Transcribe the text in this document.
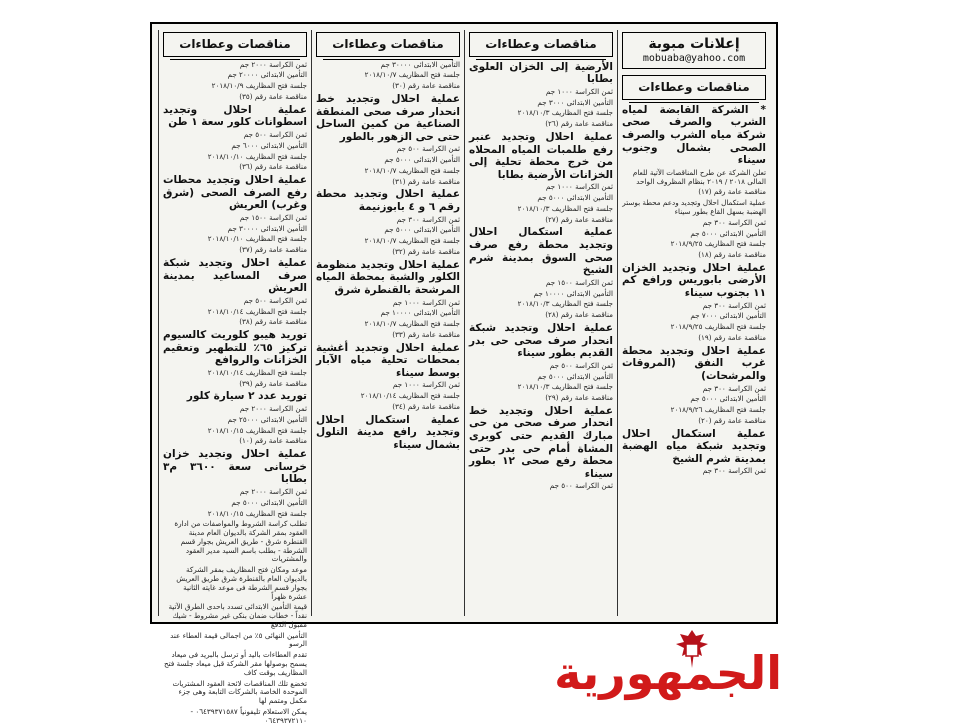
إعلانات مبوبة
mobuaba@yahoo.com
مناقصات وعطاءات

* الشركة القابضة لمياه الشرب والصرف صحى شركة مياه الشرب والصرف الصحى بشمال وجنوب سيناء

تعلن الشركة عن طرح المناقصات الآتية للعام المالى ٢٠١٨ / ٢٠١٩ بنظام المظروف الواحد

مناقصة عامة رقم (١٧)

عملية استكمال احلال وتجديد ودعم محطة بوستر الهضبة بسهل القاع بطور سيناء

ثمن الكراسة ٣٠٠ جم

التأمين الابتدائى ٥٠٠٠ جم

جلسة فتح المظاريف ٢٠١٨/٩/٢٥

مناقصة عامة رقم (١٨)

عملية احلال وتجديد الخزان الأرضى بابوريس ورافع كم ١١ بجنوب سيناء

ثمن الكراسة ٣٠٠ جم

التأمين الابتدائى ٧٠٠٠ جم

جلسة فتح المظاريف ٢٠١٨/٩/٢٥

مناقصة عامة رقم (١٩)

عملية احلال وتجديد محطة غرب النفق (المروقات والمرشحات)

ثمن الكراسة ٣٠٠ جم

التأمين الابتدائى ٥٠٠٠ جم

جلسة فتح المظاريف ٢٠١٨/٩/٢٦

مناقصة عامة رقم (٢٠)

عملية استكمال احلال وتجديد شبكة مياه الهضبة بمدينة شرم الشيخ

ثمن الكراسة ٣٠٠ جم

مناقصات وعطاءات

الأرضية إلى الخزان العلوى بطابا

ثمن الكراسة ١٠٠٠ جم

التأمين الابتدائى ٣٠٠٠ جم

جلسة فتح المظاريف ٢٠١٨/١٠/٣

مناقصة عامة رقم (٢٦)

عملية احلال وتجديد عنبر رفع طلمبات المياه المحلاه من خرج محطة تحلية إلى الخزانات الأرضية بطابا

ثمن الكراسة ١٠٠٠ جم

التأمين الابتدائى ٥٠٠٠ جم

جلسة فتح المظاريف ٢٠١٨/١٠/٣

مناقصة عامة رقم (٢٧)

عملية استكمال احلال وتجديد محطة رفع صرف صحى السوق بمدينة شرم الشيخ

ثمن الكراسة ١٥٠٠ جم

التأمين الابتدائى ١٠٠٠٠ جم

جلسة فتح المظاريف ٢٠١٨/١٠/٣

مناقصة عامة رقم (٢٨)

عملية احلال وتجديد شبكة انحدار صرف صحى حى بدر القديم بطور سيناء

ثمن الكراسة ٥٠٠ جم

التأمين الابتدائى ٥٠٠٠ جم

جلسة فتح المظاريف ٢٠١٨/١٠/٣

مناقصة عامة رقم (٢٩)

عملية احلال وتجديد خط انحدار صرف صحى من حى مبارك القديم حتى كوبرى المشاة أمام حى بدر حتى محطة رفع صحى ١٢ بطور سيناء

ثمن الكراسة ٥٠٠ جم

مناقصات وعطاءات

التأمين الابتدائى ٣٠٠٠٠ جم

جلسة فتح المظاريف ٢٠١٨/١٠/٧

مناقصة عامة رقم (٣٠)

عملية احلال وتجديد خط انحدار صرف صحى المنطقة الصناعية من كمين الساحل حتى حى الزهور بالطور

ثمن الكراسة ٥٠٠ جم

التأمين الابتدائى ٥٠٠٠ جم

جلسة فتح المظاريف ٢٠١٨/١٠/٧

مناقصة عامة رقم (٣١)

عملية احلال وتجديد محطة رقم ٦ و ٤ بابوزنيمة

ثمن الكراسة ٣٠٠ جم

التأمين الابتدائى ٥٠٠٠ جم

جلسة فتح المظاريف ٢٠١٨/١٠/٧

مناقصة عامة رقم (٣٢)

عملية احلال وتجديد منظومة الكلور والشبة بمحطة المياه المرشحة بالقنطرة شرق

ثمن الكراسة ١٠٠٠ جم

التأمين الابتدائى ١٠٠٠٠ جم

جلسة فتح المظاريف ٢٠١٨/١٠/٧

مناقصة عامة رقم (٣٣)

عملية احلال وتجديد أغشية بمحطات تحلية مياه الآبار بوسط سيناء

ثمن الكراسة ١٠٠٠ جم

جلسة فتح المظاريف ٢٠١٨/١٠/١٤

مناقصة عامة رقم (٣٤)

عملية استكمال احلال وتجديد رافع مدينة التلول بشمال سيناء

مناقصات وعطاءات

ثمن الكراسة ٢٠٠٠ جم

التأمين الابتدائى ٢٠٠٠٠ جم

جلسة فتح المظاريف ٢٠١٨/١٠/٩

مناقصة عامة رقم (٣٥)

عملية احلال وتجديد اسطوانات كلور سعة ١ طن

ثمن الكراسة ٥٠٠ جم

التأمين الابتدائى ٦٠٠٠ جم

جلسة فتح المظاريف ٢٠١٨/١٠/١٠

مناقصة عامة رقم (٣٦)

عملية احلال وتجديد محطات رفع الصرف الصحى (شرق وغرب) العريش

ثمن الكراسة ١٥٠٠ جم

التأمين الابتدائى ٣٠٠٠٠ جم

جلسة فتح المظاريف ٢٠١٨/١٠/١٠

مناقصة عامة رقم (٣٧)

عملية احلال وتجديد شبكة صرف المساعيد بمدينة العريش

ثمن الكراسة ٥٠٠ جم

جلسة فتح المظاريف ٢٠١٨/١٠/١٤

مناقصة عامة رقم (٣٨)

توريد هيبو كلوريت كالسيوم تركيز ٦٥٪ للتطهير وتعقيم الخزانات والروافع

جلسة فتح المظاريف ٢٠١٨/١٠/١٤

مناقصة عامة رقم (٣٩)

توريد عدد ٢ سيارة كلور

ثمن الكراسة ٢٠٠٠ جم

التأمين الابتدائى ٢٥٠٠٠ جم

جلسة فتح المظاريف ٢٠١٨/١٠/١٥

مناقصة عامة رقم (١٠)

عملية احلال وتجديد خزان خرسانى سعة ٣٦٠٠ م٣ بطابا

ثمن الكراسة ٢٠٠٠ جم

التأمين الابتدائى ٥٠٠٠ جم

جلسة فتح المظاريف ٢٠١٨/١٠/١٥

تطلب كراسة الشروط والمواصفات من ادارة العقود بمقر الشركة بالديوان العام مدينة القنطرة شرق - طريق العريش بجوار قسم الشرطة - بطلب باسم السيد مدير العقود والمشتريات

موعد ومكان فتح المظاريف بمقر الشركة بالديوان العام بالقنطرة شرق طريق العريش بجوار قسم الشرطة فى موعد غايته الثانية عشرة ظهراً

قيمة التأمين الابتدائى تسدد باحدى الطرق الآتية نقداً - خطاب ضمان بنكى غير مشروط - شيك مقبول الدفع

التأمين النهائى ٥٪ من اجمالى قيمة العطاء عند الرسو

تقدم العطاءات باليد أو ترسل بالبريد فى ميعاد يسمح بوصولها مقر الشركة قبل ميعاد جلسة فتح المظاريف بوقت كاف

تخضع تلك المناقصات لائحة العقود المشتريات الموحدة الخاصة بالشركات التابعة وهى جزء مكمل ومتمم لها

يمكن الاستعلام تليفونياً ٠٦٤٣٩٣٧١٥٨٧ - ٠٦٤٣٩٣٧٢١١٠

الجمهورية
